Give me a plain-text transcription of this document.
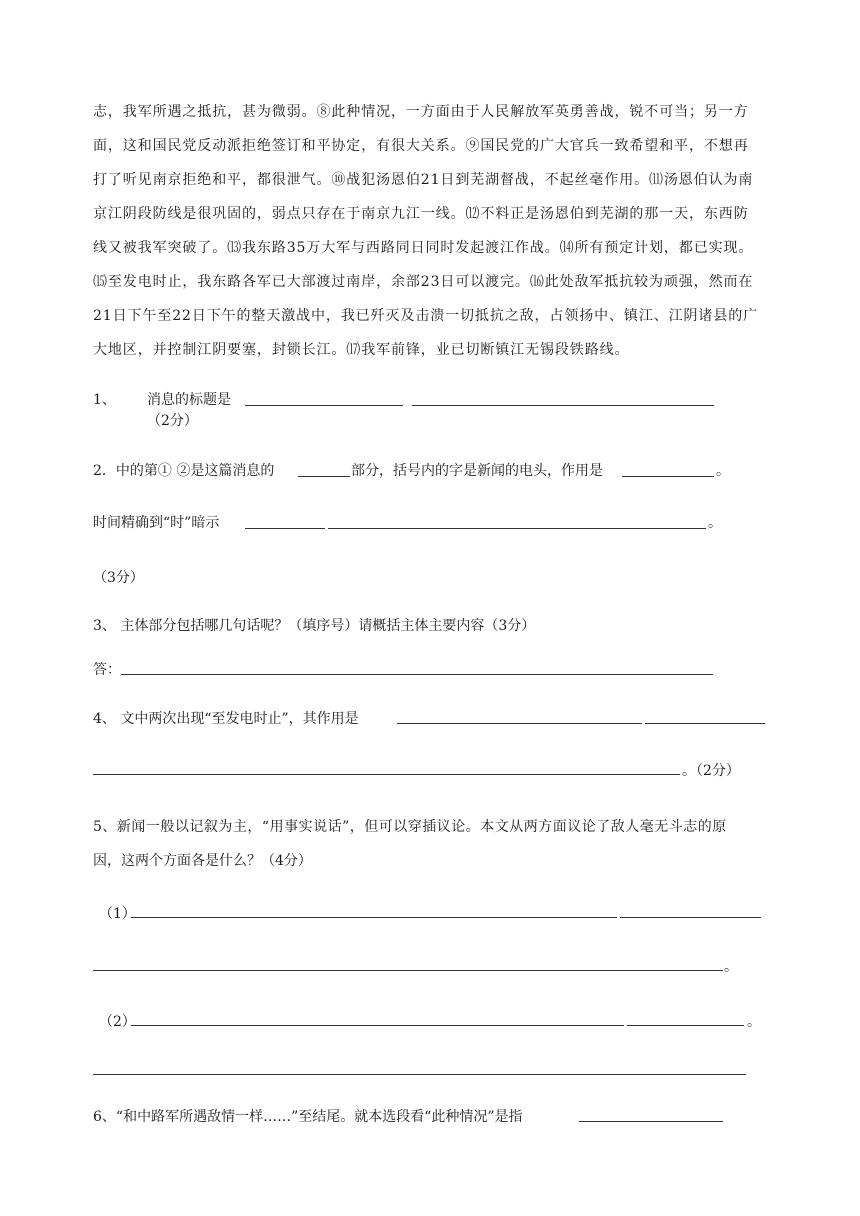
志，我军所遇之抵抗，甚为微弱。⑧此种情况，一方面由于人民解放军英勇善战，锐不可当；另一方
面，这和国民党反动派拒绝签订和平协定，有很大关系。⑨国民党的广大官兵一致希望和平，不想再
打了听见南京拒绝和平，都很泄气。⑩战犯汤恩伯21日到芜湖督战，不起丝毫作用。⑾汤恩伯认为南
京江阴段防线是很巩固的，弱点只存在于南京九江一线。⑿不料正是汤恩伯到芜湖的那一天，东西防
线又被我军突破了。⒀我东路35万大军与西路同日同时发起渡江作战。⒁所有预定计划，都已实现。
⒂至发电时止，我东路各军已大部渡过南岸，余部23日可以渡完。⒃此处敌军抵抗较为顽强，然而在
21日下午至22日下午的整天激战中，我已歼灭及击溃一切抵抗之敌，占领扬中、镇江、江阴诸县的广
大地区，并控制江阴要塞，封锁长江。⒄我军前锋，业已切断镇江无锡段铁路线。
1、 消息的标题是
（2分）
2．中的第① ②是这篇消息的	部分，括号内的字是新闻的电头，作用是	。
时间精确到“时”暗示	。
（3分）
3、 主体部分包括哪几句话呢？（填序号）请概括主体主要内容（3分）
答：
4、 文中两次出现“至发电时止”，其作用是
。（2分）
5、新闻一般以记叙为主，“用事实说话”，但可以穿插议论。本文从两方面议论了敌人毫无斗志的原
因，这两个方面各是什么？（4分）
（1）
。
（2）	。
6、“和中路军所遇敌情一样……”至结尾。就本选段看“此种情况”是指
